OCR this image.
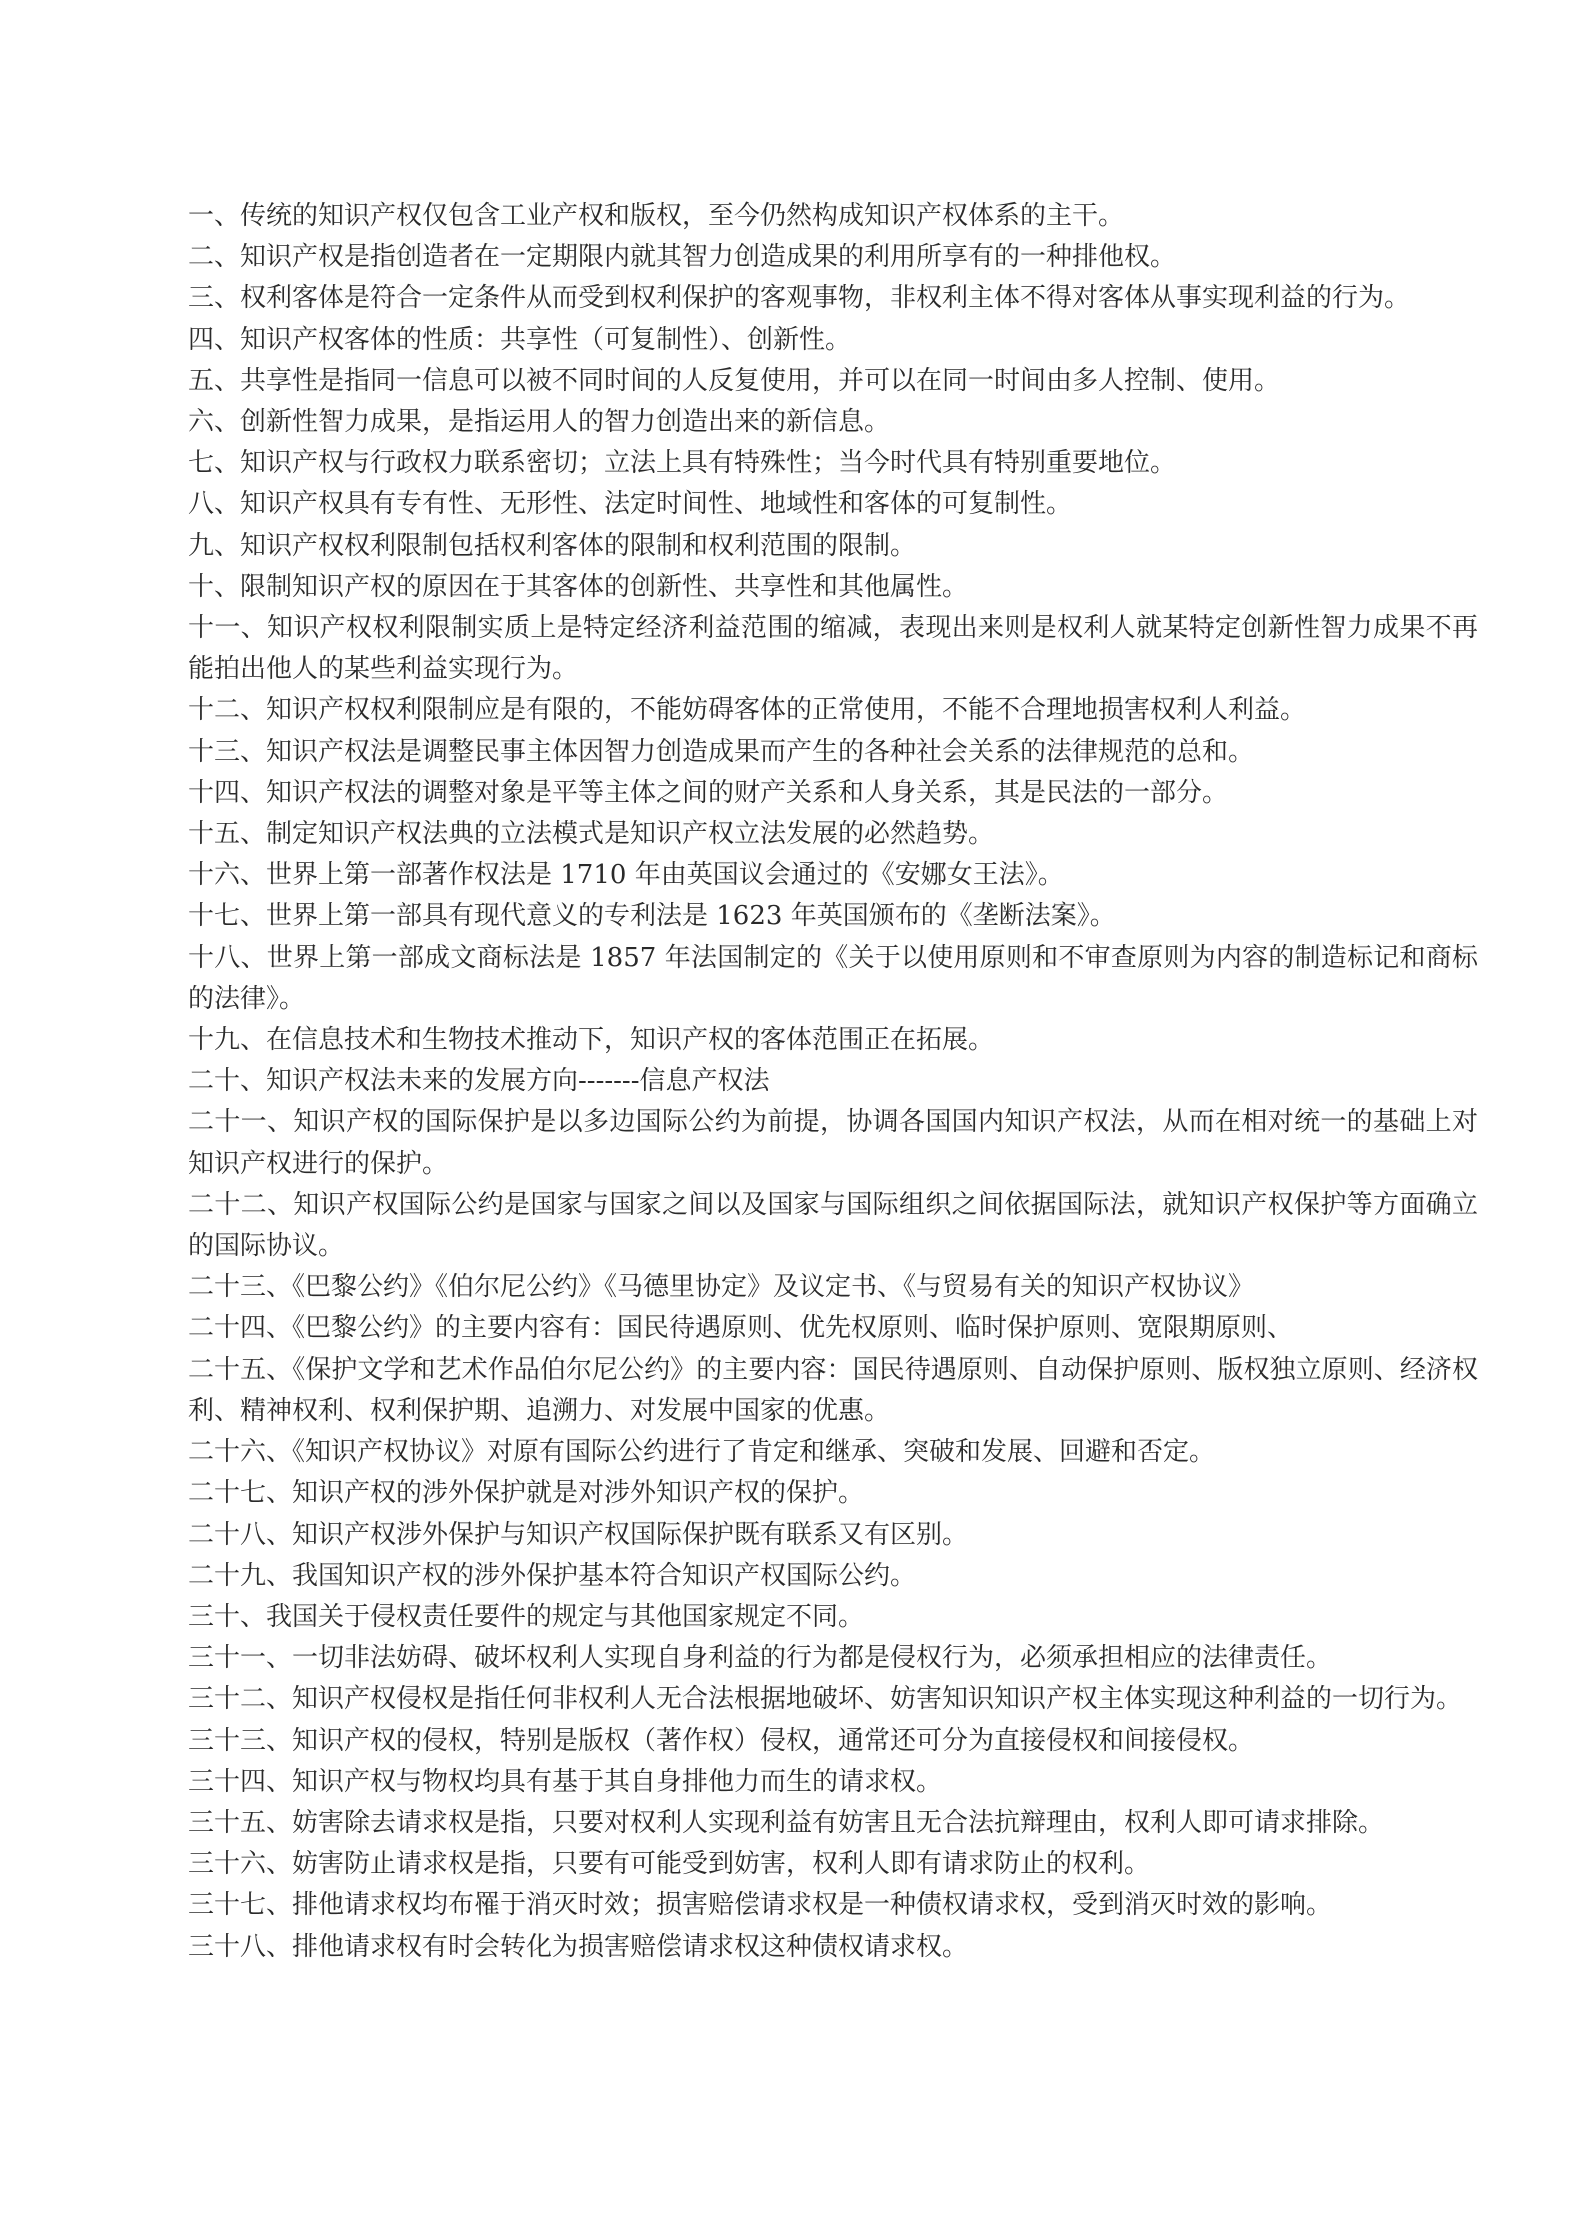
一、传统的知识产权仅包含工业产权和版权，至今仍然构成知识产权体系的主干。

二、知识产权是指创造者在一定期限内就其智力创造成果的利用所享有的一种排他权。

三、权利客体是符合一定条件从而受到权利保护的客观事物，非权利主体不得对客体从事实现利益的行为。

四、知识产权客体的性质：共享性（可复制性）、创新性。

五、共享性是指同一信息可以被不同时间的人反复使用，并可以在同一时间由多人控制、使用。

六、创新性智力成果，是指运用人的智力创造出来的新信息。

七、知识产权与行政权力联系密切；立法上具有特殊性；当今时代具有特别重要地位。

八、知识产权具有专有性、无形性、法定时间性、地域性和客体的可复制性。

九、知识产权权利限制包括权利客体的限制和权利范围的限制。

十、限制知识产权的原因在于其客体的创新性、共享性和其他属性。

十一、知识产权权利限制实质上是特定经济利益范围的缩减，表现出来则是权利人就某特定创新性智力成果不再能拍出他人的某些利益实现行为。

十二、知识产权权利限制应是有限的，不能妨碍客体的正常使用，不能不合理地损害权利人利益。

十三、知识产权法是调整民事主体因智力创造成果而产生的各种社会关系的法律规范的总和。

十四、知识产权法的调整对象是平等主体之间的财产关系和人身关系，其是民法的一部分。

十五、制定知识产权法典的立法模式是知识产权立法发展的必然趋势。

十六、世界上第一部著作权法是 1710 年由英国议会通过的《安娜女王法》。

十七、世界上第一部具有现代意义的专利法是 1623 年英国颁布的《垄断法案》。

十八、世界上第一部成文商标法是 1857 年法国制定的《关于以使用原则和不审查原则为内容的制造标记和商标的法律》。

十九、在信息技术和生物技术推动下，知识产权的客体范围正在拓展。

二十、知识产权法未来的发展方向-------信息产权法

二十一、知识产权的国际保护是以多边国际公约为前提，协调各国国内知识产权法，从而在相对统一的基础上对知识产权进行的保护。

二十二、知识产权国际公约是国家与国家之间以及国家与国际组织之间依据国际法，就知识产权保护等方面确立的国际协议。

二十三、《巴黎公约》《伯尔尼公约》《马德里协定》及议定书、《与贸易有关的知识产权协议》

二十四、《巴黎公约》的主要内容有：国民待遇原则、优先权原则、临时保护原则、宽限期原则、

二十五、《保护文学和艺术作品伯尔尼公约》的主要内容：国民待遇原则、自动保护原则、版权独立原则、经济权利、精神权利、权利保护期、追溯力、对发展中国家的优惠。

二十六、《知识产权协议》对原有国际公约进行了肯定和继承、突破和发展、回避和否定。

二十七、知识产权的涉外保护就是对涉外知识产权的保护。

二十八、知识产权涉外保护与知识产权国际保护既有联系又有区别。

二十九、我国知识产权的涉外保护基本符合知识产权国际公约。

三十、我国关于侵权责任要件的规定与其他国家规定不同。

三十一、一切非法妨碍、破坏权利人实现自身利益的行为都是侵权行为，必须承担相应的法律责任。

三十二、知识产权侵权是指任何非权利人无合法根据地破坏、妨害知识知识产权主体实现这种利益的一切行为。

三十三、知识产权的侵权，特别是版权（著作权）侵权，通常还可分为直接侵权和间接侵权。

三十四、知识产权与物权均具有基于其自身排他力而生的请求权。

三十五、妨害除去请求权是指，只要对权利人实现利益有妨害且无合法抗辩理由，权利人即可请求排除。

三十六、妨害防止请求权是指，只要有可能受到妨害，权利人即有请求防止的权利。

三十七、排他请求权均布罹于消灭时效；损害赔偿请求权是一种债权请求权，受到消灭时效的影响。

三十八、排他请求权有时会转化为损害赔偿请求权这种债权请求权。
